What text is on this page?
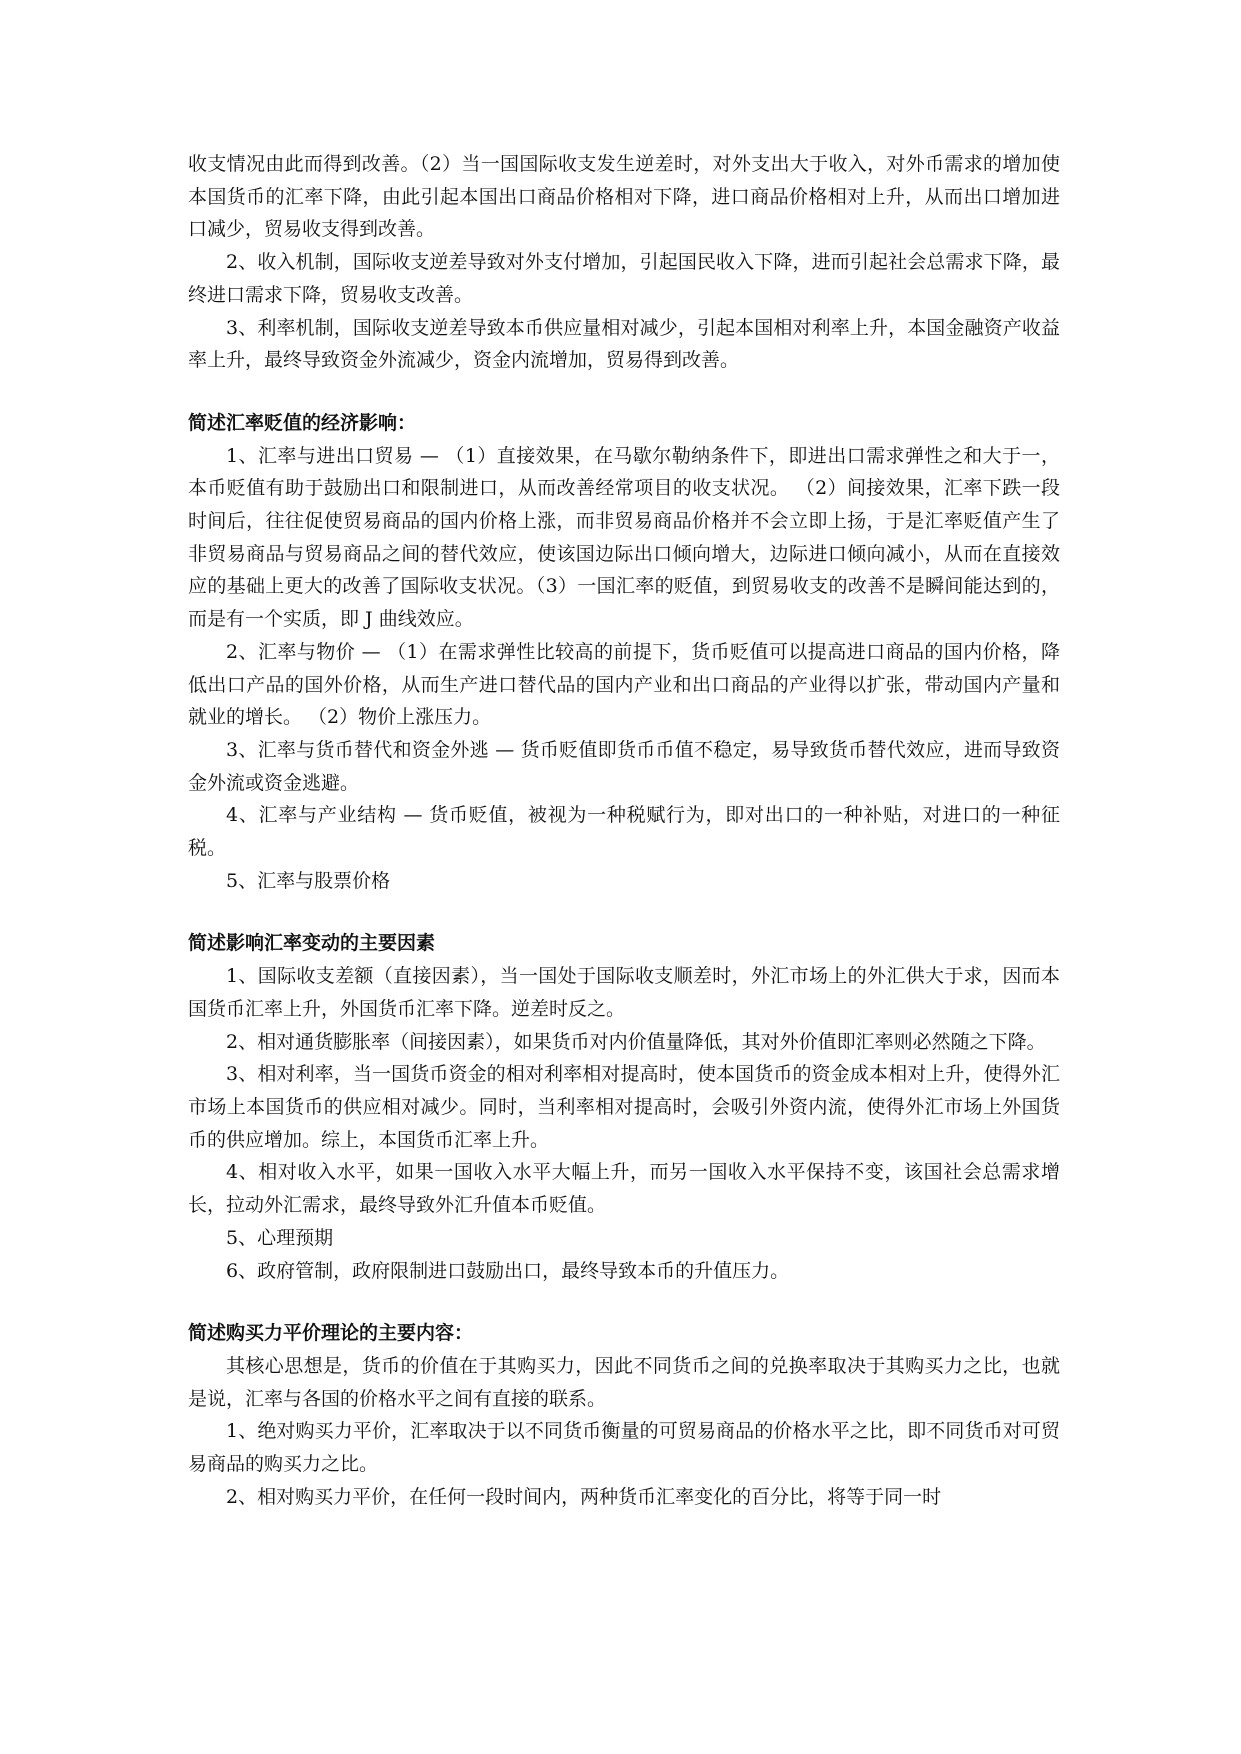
收支情况由此而得到改善。（2）当一国国际收支发生逆差时，对外支出大于收入，对外币需求的增加使本国货币的汇率下降，由此引起本国出口商品价格相对下降，进口商品价格相对上升，从而出口增加进口减少，贸易收支得到改善。

2、收入机制，国际收支逆差导致对外支付增加，引起国民收入下降，进而引起社会总需求下降，最终进口需求下降，贸易收支改善。

3、利率机制，国际收支逆差导致本币供应量相对减少，引起本国相对利率上升，本国金融资产收益率上升，最终导致资金外流减少，资金内流增加，贸易得到改善。

简述汇率贬值的经济影响：

1、汇率与进出口贸易 — （1）直接效果，在马歇尔勒纳条件下，即进出口需求弹性之和大于一，本币贬值有助于鼓励出口和限制进口，从而改善经常项目的收支状况。 （2）间接效果，汇率下跌一段时间后，往往促使贸易商品的国内价格上涨，而非贸易商品价格并不会立即上扬，于是汇率贬值产生了非贸易商品与贸易商品之间的替代效应，使该国边际出口倾向增大，边际进口倾向减小，从而在直接效应的基础上更大的改善了国际收支状况。（3）一国汇率的贬值，到贸易收支的改善不是瞬间能达到的，而是有一个实质，即 J 曲线效应。

2、汇率与物价 — （1）在需求弹性比较高的前提下，货币贬值可以提高进口商品的国内价格，降低出口产品的国外价格，从而生产进口替代品的国内产业和出口商品的产业得以扩张，带动国内产量和就业的增长。 （2）物价上涨压力。

3、汇率与货币替代和资金外逃 — 货币贬值即货币币值不稳定，易导致货币替代效应，进而导致资金外流或资金逃避。

4、汇率与产业结构 — 货币贬值，被视为一种税赋行为，即对出口的一种补贴，对进口的一种征税。

5、汇率与股票价格

简述影响汇率变动的主要因素

1、国际收支差额（直接因素），当一国处于国际收支顺差时，外汇市场上的外汇供大于求，因而本国货币汇率上升，外国货币汇率下降。逆差时反之。

2、相对通货膨胀率（间接因素），如果货币对内价值量降低，其对外价值即汇率则必然随之下降。

3、相对利率，当一国货币资金的相对利率相对提高时，使本国货币的资金成本相对上升，使得外汇市场上本国货币的供应相对减少。同时，当利率相对提高时，会吸引外资内流，使得外汇市场上外国货币的供应增加。综上，本国货币汇率上升。

4、相对收入水平，如果一国收入水平大幅上升，而另一国收入水平保持不变，该国社会总需求增长，拉动外汇需求，最终导致外汇升值本币贬值。

5、心理预期

6、政府管制，政府限制进口鼓励出口，最终导致本币的升值压力。

简述购买力平价理论的主要内容：

其核心思想是，货币的价值在于其购买力，因此不同货币之间的兑换率取决于其购买力之比，也就是说，汇率与各国的价格水平之间有直接的联系。

1、绝对购买力平价，汇率取决于以不同货币衡量的可贸易商品的价格水平之比，即不同货币对可贸易商品的购买力之比。

2、相对购买力平价，在任何一段时间内，两种货币汇率变化的百分比，将等于同一时
